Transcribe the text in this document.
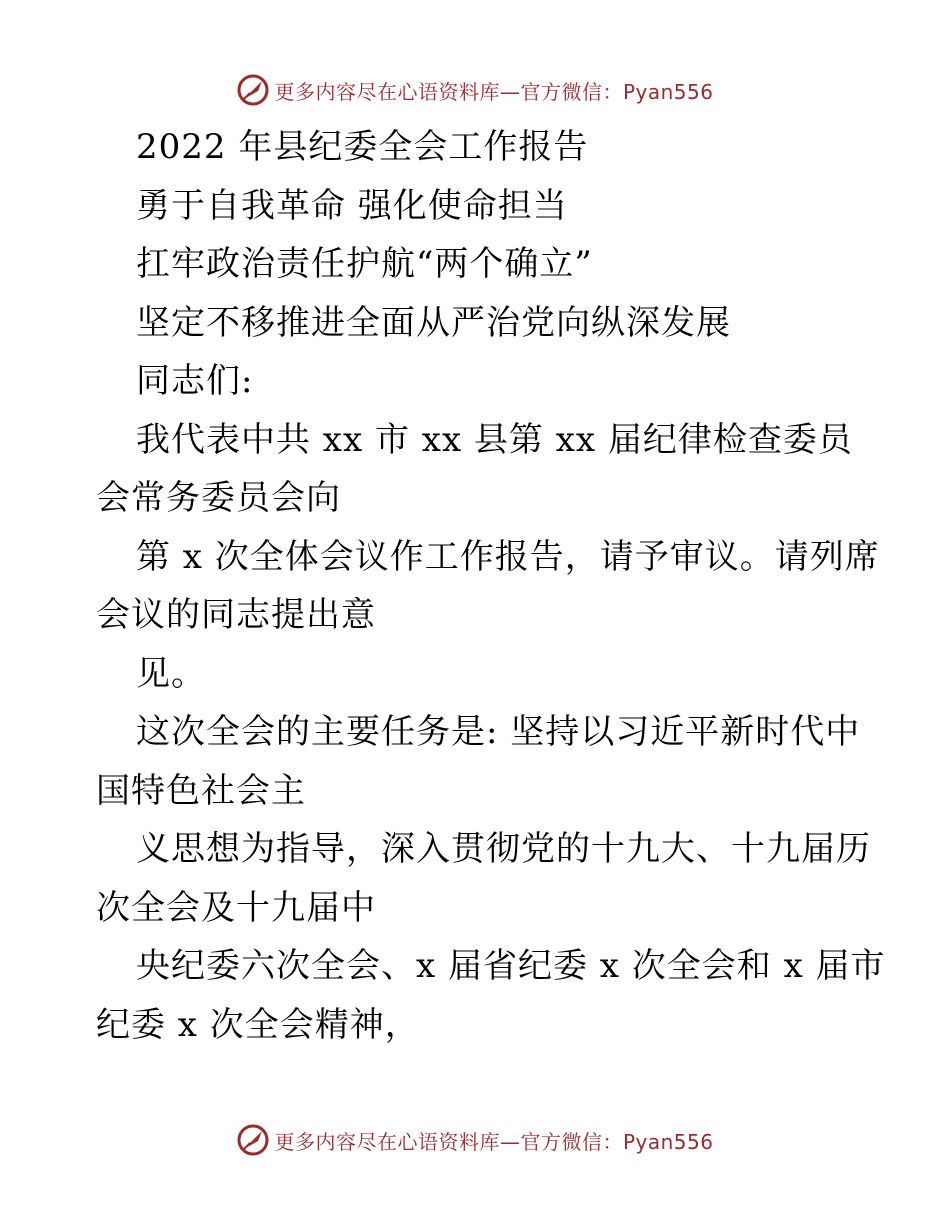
更多内容尽在心语资料库—官方微信：Pyan556
2022 年县纪委全会工作报告
勇于自我革命 强化使命担当
扛牢政治责任护航“两个确立”
坚定不移推进全面从严治党向纵深发展
同志们:
我代表中共 xx 市 xx 县第 xx 届纪律检查委员
会常务委员会向
第 x 次全体会议作工作报告，请予审议。请列席
会议的同志提出意
见。
这次全会的主要任务是: 坚持以习近平新时代中
国特色社会主
义思想为指导，深入贯彻党的十九大、十九届历
次全会及十九届中
央纪委六次全会、x 届省纪委 x 次全会和 x 届市
纪委 x 次全会精神，
更多内容尽在心语资料库—官方微信：Pyan556
